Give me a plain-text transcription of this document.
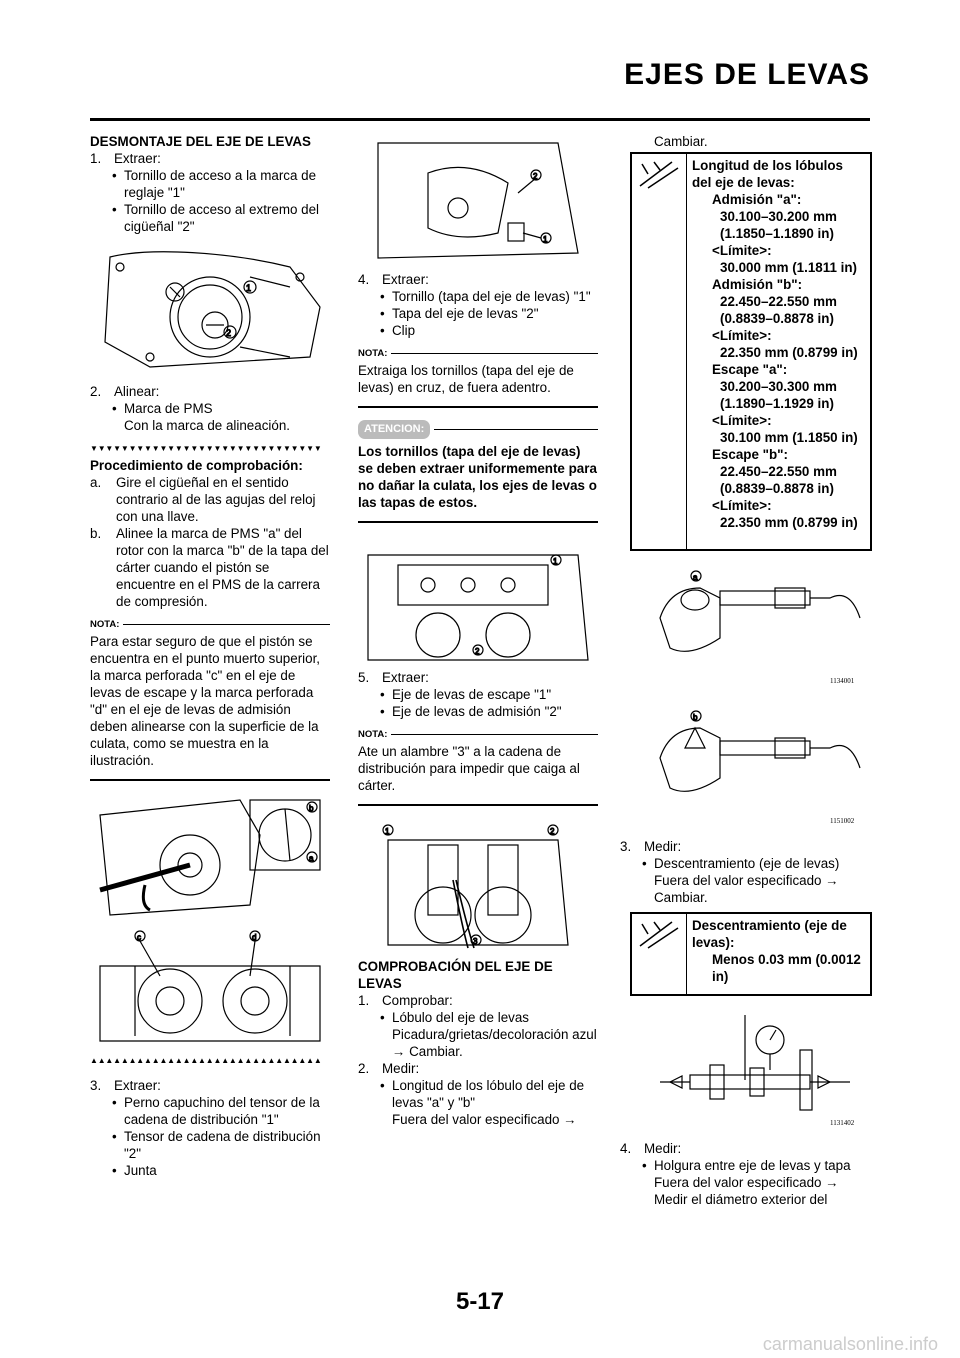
EJES DE LEVAS

DESMONTAJE DEL EJE DE LEVAS

1. Extraer:
• Tornillo de acceso a la marca de reglaje "1"
• Tornillo de acceso al extremo del cigüeñal "2"
1
2
2. Alinear:
• Marca de PMS
Con la marca de alineación.
▼▼▼▼▼▼▼▼▼▼▼▼▼▼▼▼▼▼▼▼▼▼▼▼▼▼▼▼▼▼

Procedimiento de comprobación:

a. Gire el cigüeñal en el sentido contrario al de las agujas del reloj con una llave.
b. Alinee la marca de PMS "a" del rotor con la marca "b" de la tapa del cárter cuando el pistón se encuentre en el PMS de la carrera de compresión.
NOTA:

Para estar seguro de que el pistón se encuentra en el punto muerto superior, la marca perforada "c" en el eje de levas de escape y la marca perforada "d" en el eje de levas de admisión deben alinearse con la superficie de la culata, como se muestra en la ilustración.

b
a
c	d
▲▲▲▲▲▲▲▲▲▲▲▲▲▲▲▲▲▲▲▲▲▲▲▲▲▲▲▲▲▲
3. Extraer:
• Perno capuchino del tensor de la cadena de distribución "1"
• Tensor de cadena de distribución "2"
• Junta
2
1
4. Extraer:
• Tornillo (tapa del eje de levas) "1"
• Tapa del eje de levas "2"
• Clip
NOTA:

Extraiga los tornillos (tapa del eje de levas) en cruz, de fuera adentro.

ATENCION:

Los tornillos (tapa del eje de levas) se deben extraer uniformemente para no dañar la culata, los ejes de levas o las tapas de estos.

1
2
5. Extraer:
• Eje de levas de escape "1"
• Eje de levas de admisión "2"
NOTA:

Ate un alambre "3" a la cadena de distribución para impedir que caiga al cárter.

1	2
3

COMPROBACIÓN DEL EJE DE LEVAS

1. Comprobar:
• Lóbulo del eje de levas
Picadura/grietas/decoloración azul → Cambiar.
2. Medir:
• Longitud de los lóbulo del eje de levas "a" y "b"
Fuera del valor especificado →
Cambiar.
Longitud de los lóbulos del eje de levas:
Admisión "a":
30.100–30.200 mm
(1.1850–1.1890 in)
<Límite>:
30.000 mm (1.1811 in)
Admisión "b":
22.450–22.550 mm
(0.8839–0.8878 in)
<Límite>:
22.350 mm (0.8799 in)
Escape "a":
30.200–30.300 mm
(1.1890–1.1929 in)
<Límite>:
30.100 mm (1.1850 in)
Escape "b":
22.450–22.550 mm
(0.8839–0.8878 in)
<Límite>:
22.350 mm (0.8799 in)
a
1134001
b
1151002
3. Medir:
• Descentramiento (eje de levas)
Fuera del valor especificado →
Cambiar.
Descentramiento (eje de levas):
Menos 0.03 mm (0.0012 in)
1131402
4. Medir:
• Holgura entre eje de levas y tapa
Fuera del valor especificado →
Medir el diámetro exterior del
5-17
carmanualsonline.info
